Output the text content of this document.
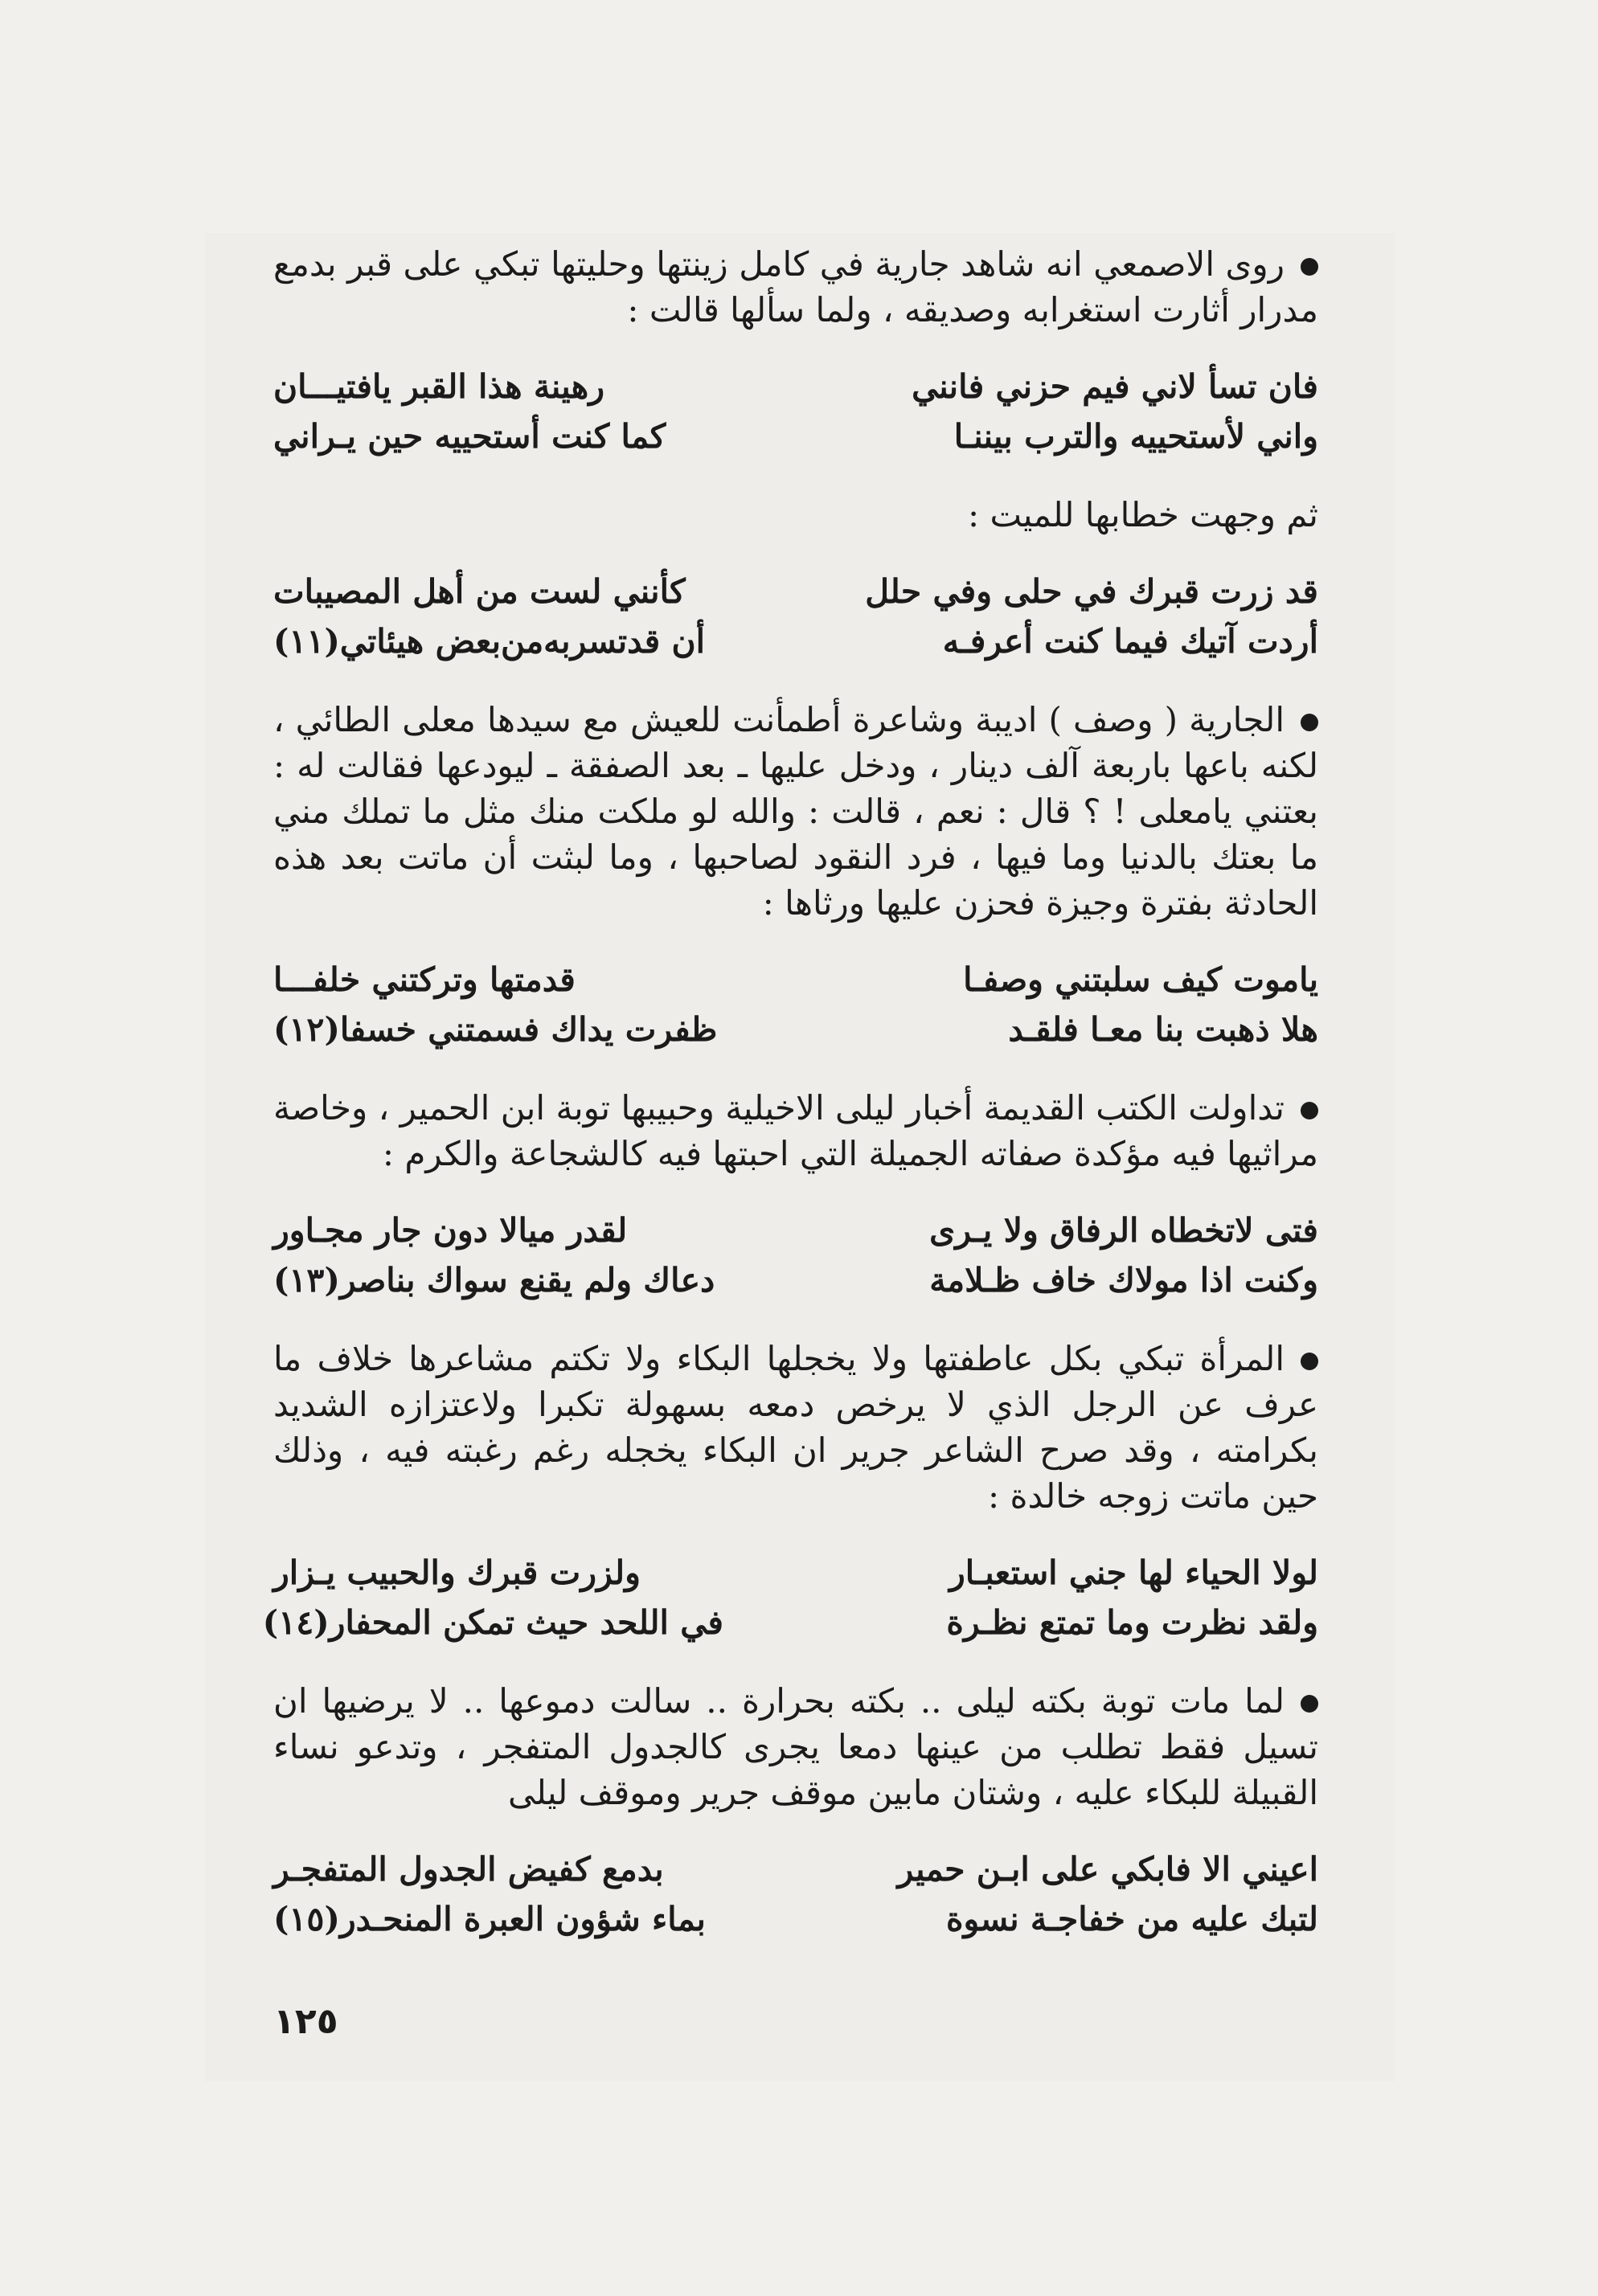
روى الاصمعي انه شاهد جارية في كامل زينتها وحليتها تبكي على قبر بدمع مدرار أثارت استغرابه وصديقه ، ولما سألها قالت :

فان تسأ لاني فيم حزني فانني
رهينة هذا القبر يافتيـــان
واني لأستحييه والترب بيننـا
كما كنت أستحييه حين يـراني

ثم وجهت خطابها للميت :

قد زرت قبرك في حلى وفي حلل
كأنني لست من أهل المصيبات
أردت آتيك فيما كنت أعرفـه
أن قدتسربه‌من‌بعض هيئاتي(١١)

الجارية ( وصف ) اديبة وشاعرة أطمأنت للعيش مع سيدها معلى الطائي ، لكنه باعها باربعة آلف دينار ، ودخل عليها ـ بعد الصفقة ـ ليودعها فقالت له : بعتني يامعلى ! ؟ قال : نعم ، قالت : والله لو ملكت منك مثل ما تملك مني ما بعتك بالدنيا وما فيها ، فرد النقود لصاحبها ، وما لبثت أن ماتت بعد هذه الحادثة بفترة وجيزة فحزن عليها ورثاها :

ياموت كيف سلبتني وصفـا
قدمتها وتركتني خلفـــا
هلا ذهبت بنا معـا فلقـد
ظفرت يداك فسمتني خسفا(١٢)

تداولت الكتب القديمة أخبار ليلى الاخيلية وحبيبها توبة ابن الحمير ، وخاصة مراثيها فيه مؤكدة صفاته الجميلة التي احبتها فيه كالشجاعة والكرم :

فتى لاتخطاه الرفاق ولا يـرى
لقدر ميالا دون جار مجـاور
وكنت اذا مولاك خاف ظـلامة
دعاك ولم يقنع سواك بناصر(١٣)

المرأة تبكي بكل عاطفتها ولا يخجلها البكاء ولا تكتم مشاعرها خلاف ما عرف عن الرجل الذي لا يرخص دمعه بسهولة تكبرا ولاعتزازه الشديد بكرامته ، وقد صرح الشاعر جرير ان البكاء يخجله رغم رغبته فيه ، وذلك حين ماتت زوجه خالدة :

لولا الحياء لها جني استعبـار
ولزرت قبرك والحبيب يـزار
ولقد نظرت وما تمتع نظـرة
في اللحد حيث تمكن المحفار(١٤)

لما مات توبة بكته ليلى .. بكته بحرارة .. سالت دموعها .. لا يرضيها ان تسيل فقط تطلب من عينها دمعا يجرى كالجدول المتفجر ، وتدعو نساء القبيلة للبكاء عليه ، وشتان مابين موقف جرير وموقف ليلى

اعيني الا فابكي على ابـن حمير
بدمع كفيض الجدول المتفجـر
لتبك عليه من خفاجـة نسوة
بماء شؤون العبرة المنحـدر(١٥)
١٢٥
